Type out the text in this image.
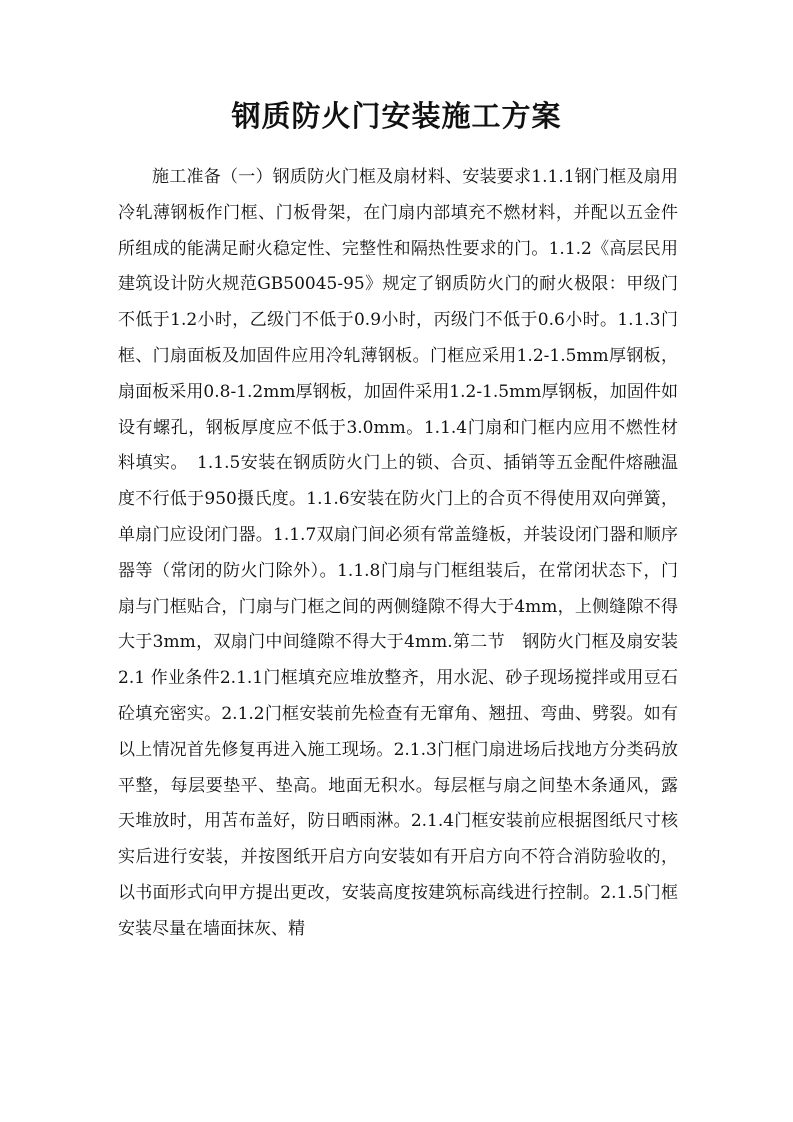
钢质防火门安装施工方案

施工准备（一）钢质防火门框及扇材料、安装要求1.1.1钢门框及扇用冷轧薄钢板作门框、门板骨架，在门扇内部填充不燃材料，并配以五金件所组成的能满足耐火稳定性、完整性和隔热性要求的门。1.1.2《高层民用建筑设计防火规范GB50045-95》规定了钢质防火门的耐火极限：甲级门不低于1.2小时，乙级门不低于0.9小时，丙级门不低于0.6小时。1.1.3门框、门扇面板及加固件应用冷轧薄钢板。门框应采用1.2-1.5mm厚钢板，扇面板采用0.8-1.2mm厚钢板，加固件采用1.2-1.5mm厚钢板，加固件如设有螺孔，钢板厚度应不低于3.0mm。1.1.4门扇和门框内应用不燃性材料填实。　1.1.5安装在钢质防火门上的锁、合页、插销等五金配件熔融温度不行低于950摄氏度。1.1.6安装在防火门上的合页不得使用双向弹簧，单扇门应设闭门器。1.1.7双扇门间必须有常盖缝板，并装设闭门器和顺序器等（常闭的防火门除外）。1.1.8门扇与门框组装后，在常闭状态下，门扇与门框贴合，门扇与门框之间的两侧缝隙不得大于4mm，上侧缝隙不得大于3mm，双扇门中间缝隙不得大于4mm.第二节　钢防火门框及扇安装2.1 作业条件2.1.1门框填充应堆放整齐，用水泥、砂子现场搅拌或用豆石砼填充密实。2.1.2门框安装前先检查有无窜角、翘扭、弯曲、劈裂。如有以上情况首先修复再进入施工现场。2.1.3门框门扇进场后找地方分类码放平整，每层要垫平、垫高。地面无积水。每层框与扇之间垫木条通风，露天堆放时，用苫布盖好，防日晒雨淋。2.1.4门框安装前应根据图纸尺寸核实后进行安装，并按图纸开启方向安装如有开启方向不符合消防验收的，以书面形式向甲方提出更改，安装高度按建筑标高线进行控制。2.1.5门框安装尽量在墙面抹灰、精
